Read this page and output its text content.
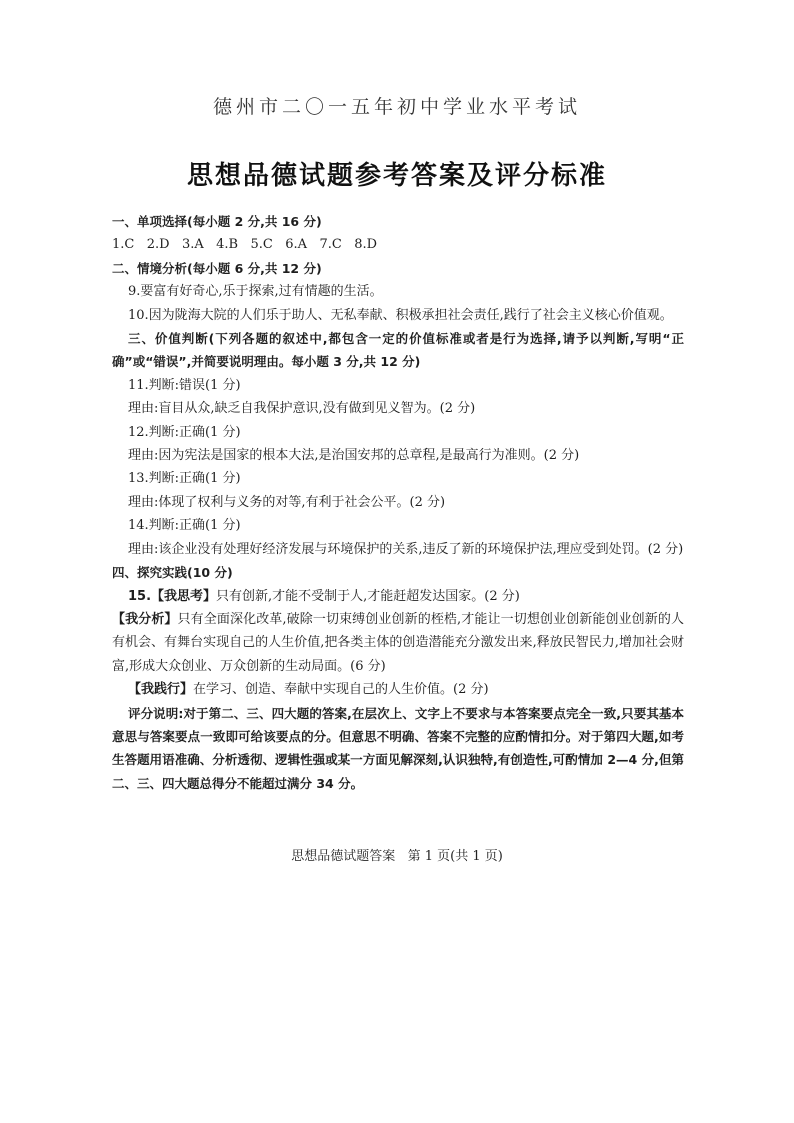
德州市二〇一五年初中学业水平考试
思想品德试题参考答案及评分标准

一、单项选择(每小题 2 分,共 16 分)

1.C   2.D   3.A   4.B   5.C   6.A   7.C   8.D

二、情境分析(每小题 6 分,共 12 分)

9.要富有好奇心,乐于探索,过有情趣的生活。

10.因为陇海大院的人们乐于助人、无私奉献、积极承担社会责任,践行了社会主义核心价值观。

三、价值判断(下列各题的叙述中,都包含一定的价值标准或者是行为选择,请予以判断,写明“正确”或“错误”,并简要说明理由。每小题 3 分,共 12 分)

11.判断:错误(1 分)

理由:盲目从众,缺乏自我保护意识,没有做到见义智为。(2 分)

12.判断:正确(1 分)

理由:因为宪法是国家的根本大法,是治国安邦的总章程,是最高行为准则。(2 分)

13.判断:正确(1 分)

理由:体现了权利与义务的对等,有利于社会公平。(2 分)

14.判断:正确(1 分)

理由:该企业没有处理好经济发展与环境保护的关系,违反了新的环境保护法,理应受到处罚。(2 分)

四、探究实践(10 分)

15.【我思考】只有创新,才能不受制于人,才能赶超发达国家。(2 分)

【我分析】只有全面深化改革,破除一切束缚创业创新的桎梏,才能让一切想创业创新能创业创新的人有机会、有舞台实现自己的人生价值,把各类主体的创造潜能充分激发出来,释放民智民力,增加社会财富,形成大众创业、万众创新的生动局面。(6 分)

【我践行】在学习、创造、奉献中实现自己的人生价值。(2 分)

评分说明:对于第二、三、四大题的答案,在层次上、文字上不要求与本答案要点完全一致,只要其基本意思与答案要点一致即可给该要点的分。但意思不明确、答案不完整的应酌情扣分。对于第四大题,如考生答题用语准确、分析透彻、逻辑性强或某一方面见解深刻,认识独特,有创造性,可酌情加 2—4 分,但第二、三、四大题总得分不能超过满分 34 分。

思想品德试题答案   第 1 页(共 1 页)
